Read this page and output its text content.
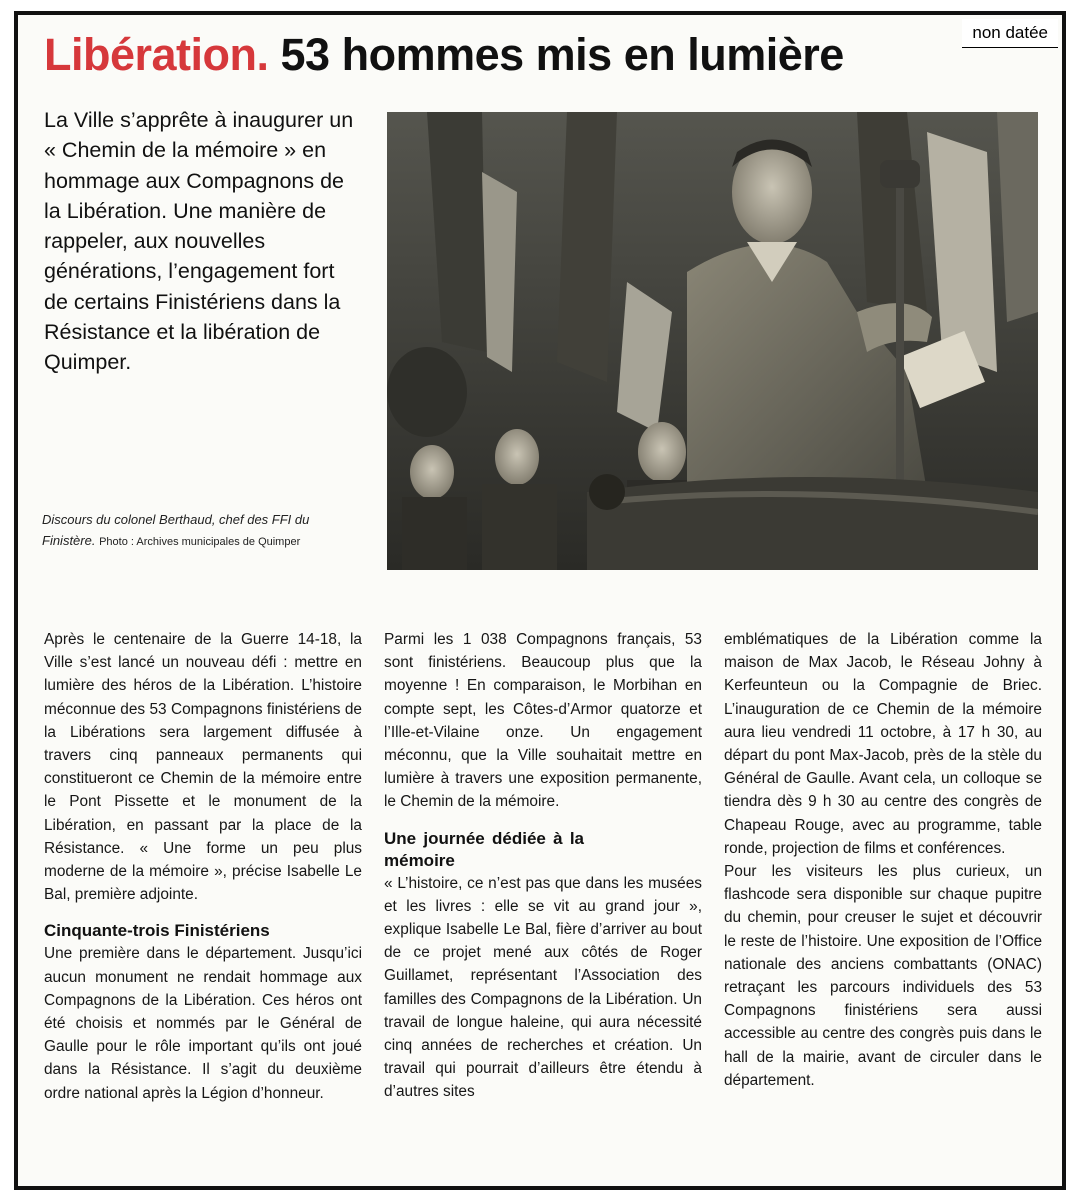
Libération. 53 hommes mis en lumière	non datée

La Ville s’apprête à inaugurer un « Chemin de la mémoire » en hommage aux Compagnons de la Libération. Une manière de rappeler, aux nouvelles générations, l’engagement fort de certains Finistériens dans la Résistance et la libération de Quimper.
Discours du colonel Berthaud, chef des FFI du Finistère. Photo : Archives municipales de Quimper

Après le centenaire de la Guerre 14-18, la Ville s’est lancé un nouveau défi : mettre en lumière des héros de la Libération. L’histoire méconnue des 53 Compagnons finistériens de la Libérations sera largement diffusée à travers cinq panneaux permanents qui constitueront ce Chemin de la mémoire entre le Pont Pissette et le monument de la Libération, en passant par la place de la Résistance. « Une forme un peu plus moderne de la mémoire », précise Isabelle Le Bal, première adjointe.

Cinquante-trois Finistériens

Une première dans le département. Jusqu’ici aucun monument ne rendait hommage aux Compagnons de la Libération. Ces héros ont été choisis et nommés par le Général de Gaulle pour le rôle important qu’ils ont joué dans la Résistance. Il s’agit du deuxième ordre national après la Légion d’honneur.

Parmi les 1 038 Compagnons français, 53 sont finistériens. Beaucoup plus que la moyenne ! En comparaison, le Morbihan en compte sept, les Côtes-d’Armor quatorze et l’Ille-et-Vilaine onze. Un engagement méconnu, que la Ville souhaitait mettre en lumière à travers une exposition permanente, le Chemin de la mémoire.

Une journée dédiée à la mémoire

« L’histoire, ce n’est pas que dans les musées et les livres : elle se vit au grand jour », explique Isabelle Le Bal, fière d’arriver au bout de ce projet mené aux côtés de Roger Guillamet, représentant l’Association des familles des Compagnons de la Libération. Un travail de longue haleine, qui aura nécessité cinq années de recherches et création. Un travail qui pourrait d’ailleurs être étendu à d’autres sites

emblématiques de la Libération comme la maison de Max Jacob, le Réseau Johny à Kerfeunteun ou la Compagnie de Briec. L’inauguration de ce Chemin de la mémoire aura lieu vendredi 11 octobre, à 17 h 30, au départ du pont Max-Jacob, près de la stèle du Général de Gaulle. Avant cela, un colloque se tiendra dès 9 h 30 au centre des congrès de Chapeau Rouge, avec au programme, table ronde, projection de films et conférences.

Pour les visiteurs les plus curieux, un flashcode sera disponible sur chaque pupitre du chemin, pour creuser le sujet et découvrir le reste de l’histoire. Une exposition de l’Office nationale des anciens combattants (ONAC) retraçant les parcours individuels des 53 Compagnons finistériens sera aussi accessible au centre des congrès puis dans le hall de la mairie, avant de circuler dans le département.
